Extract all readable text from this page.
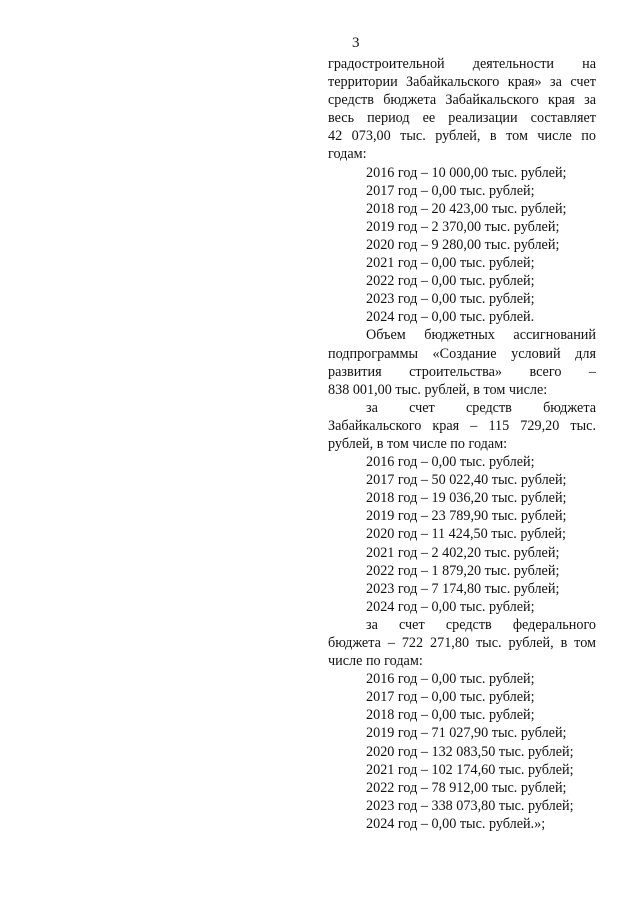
3
градостроительной деятельности на
территории Забайкальского края» за счет
средств бюджета Забайкальского края за
весь период ее реализации составляет
42 073,00 тыс. рублей, в том числе по
годам:
2016 год – 10 000,00 тыс. рублей;
2017 год – 0,00 тыс. рублей;
2018 год – 20 423,00 тыс. рублей;
2019 год – 2 370,00 тыс. рублей;
2020 год – 9 280,00 тыс. рублей;
2021 год – 0,00 тыс. рублей;
2022 год – 0,00 тыс. рублей;
2023 год – 0,00 тыс. рублей;
2024 год – 0,00 тыс. рублей.
Объем бюджетных ассигнований
подпрограммы «Создание условий для
развития строительства» всего –
838 001,00 тыс. рублей, в том числе:
за счет средств бюджета
Забайкальского края – 115 729,20 тыс.
рублей, в том числе по годам:
2016 год – 0,00 тыс. рублей;
2017 год – 50 022,40 тыс. рублей;
2018 год – 19 036,20 тыс. рублей;
2019 год – 23 789,90 тыс. рублей;
2020 год – 11 424,50 тыс. рублей;
2021 год – 2 402,20 тыс. рублей;
2022 год – 1 879,20 тыс. рублей;
2023 год – 7 174,80 тыс. рублей;
2024 год – 0,00 тыс. рублей;
за счет средств федерального
бюджета – 722 271,80 тыс. рублей, в том
числе по годам:
2016 год – 0,00 тыс. рублей;
2017 год – 0,00 тыс. рублей;
2018 год – 0,00 тыс. рублей;
2019 год – 71 027,90 тыс. рублей;
2020 год – 132 083,50 тыс. рублей;
2021 год – 102 174,60 тыс. рублей;
2022 год – 78 912,00 тыс. рублей;
2023 год – 338 073,80 тыс. рублей;
2024 год – 0,00 тыс. рублей.»;
